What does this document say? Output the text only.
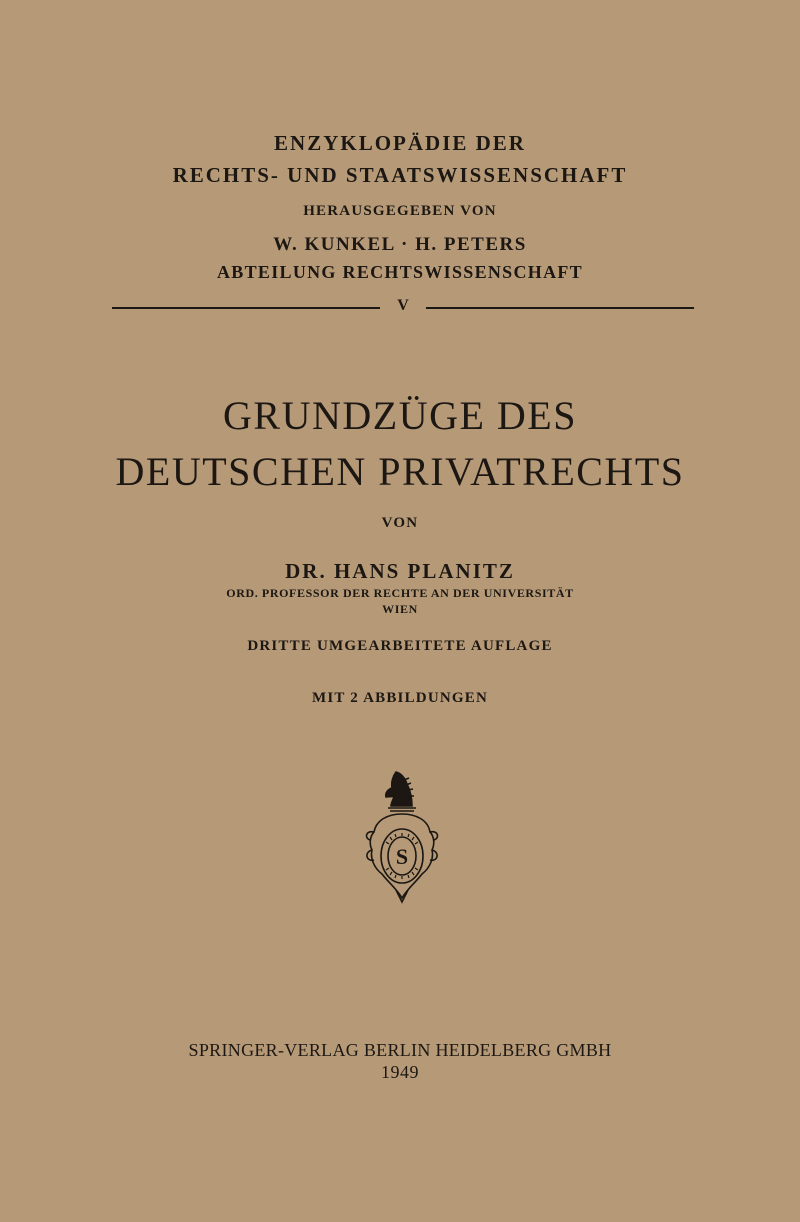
ENZYKLOPÄDIE DER
RECHTS- UND STAATSWISSENSCHAFT
HERAUSGEGEBEN VON
W. KUNKEL · H. PETERS
ABTEILUNG RECHTSWISSENSCHAFT
V
GRUNDZÜGE DES
DEUTSCHEN PRIVATRECHTS
VON
DR. HANS PLANITZ
ORD. PROFESSOR DER RECHTE AN DER UNIVERSITÄT
WIEN
DRITTE UMGEARBEITETE AUFLAGE
MIT 2 ABBILDUNGEN
S
SPRINGER-VERLAG BERLIN HEIDELBERG GMBH
1949
